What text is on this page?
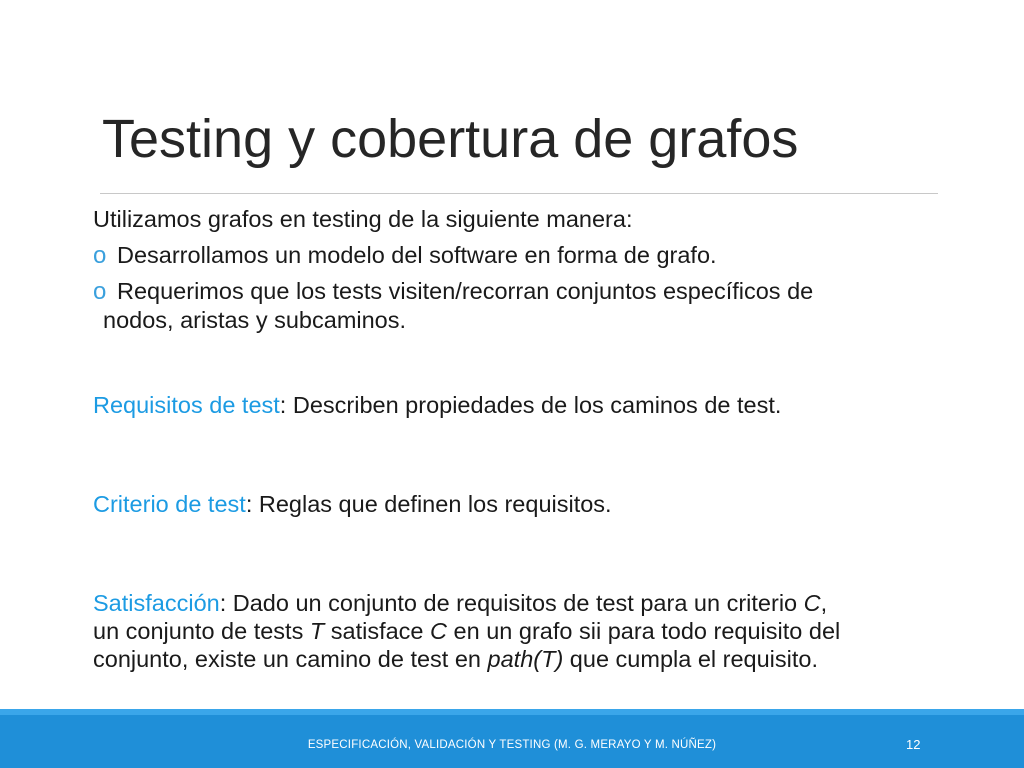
Testing y cobertura de grafos

Utilizamos grafos en testing de la siguiente manera:

o Desarrollamos un modelo del software en forma de grafo.
o Requerimos que los tests visiten/recorran conjuntos específicos de
nodos, aristas y subcaminos.

Requisitos de test: Describen propiedades de los caminos de test.

Criterio de test: Reglas que definen los requisitos.

Satisfacción: Dado un conjunto de requisitos de test para un criterio C,
un conjunto de tests T satisface C en un grafo sii para todo requisito del
conjunto, existe un camino de test en path(T) que cumpla el requisito.

ESPECIFICACIÓN, VALIDACIÓN Y TESTING (M. G. MERAYO Y M. NÚÑEZ)	12
